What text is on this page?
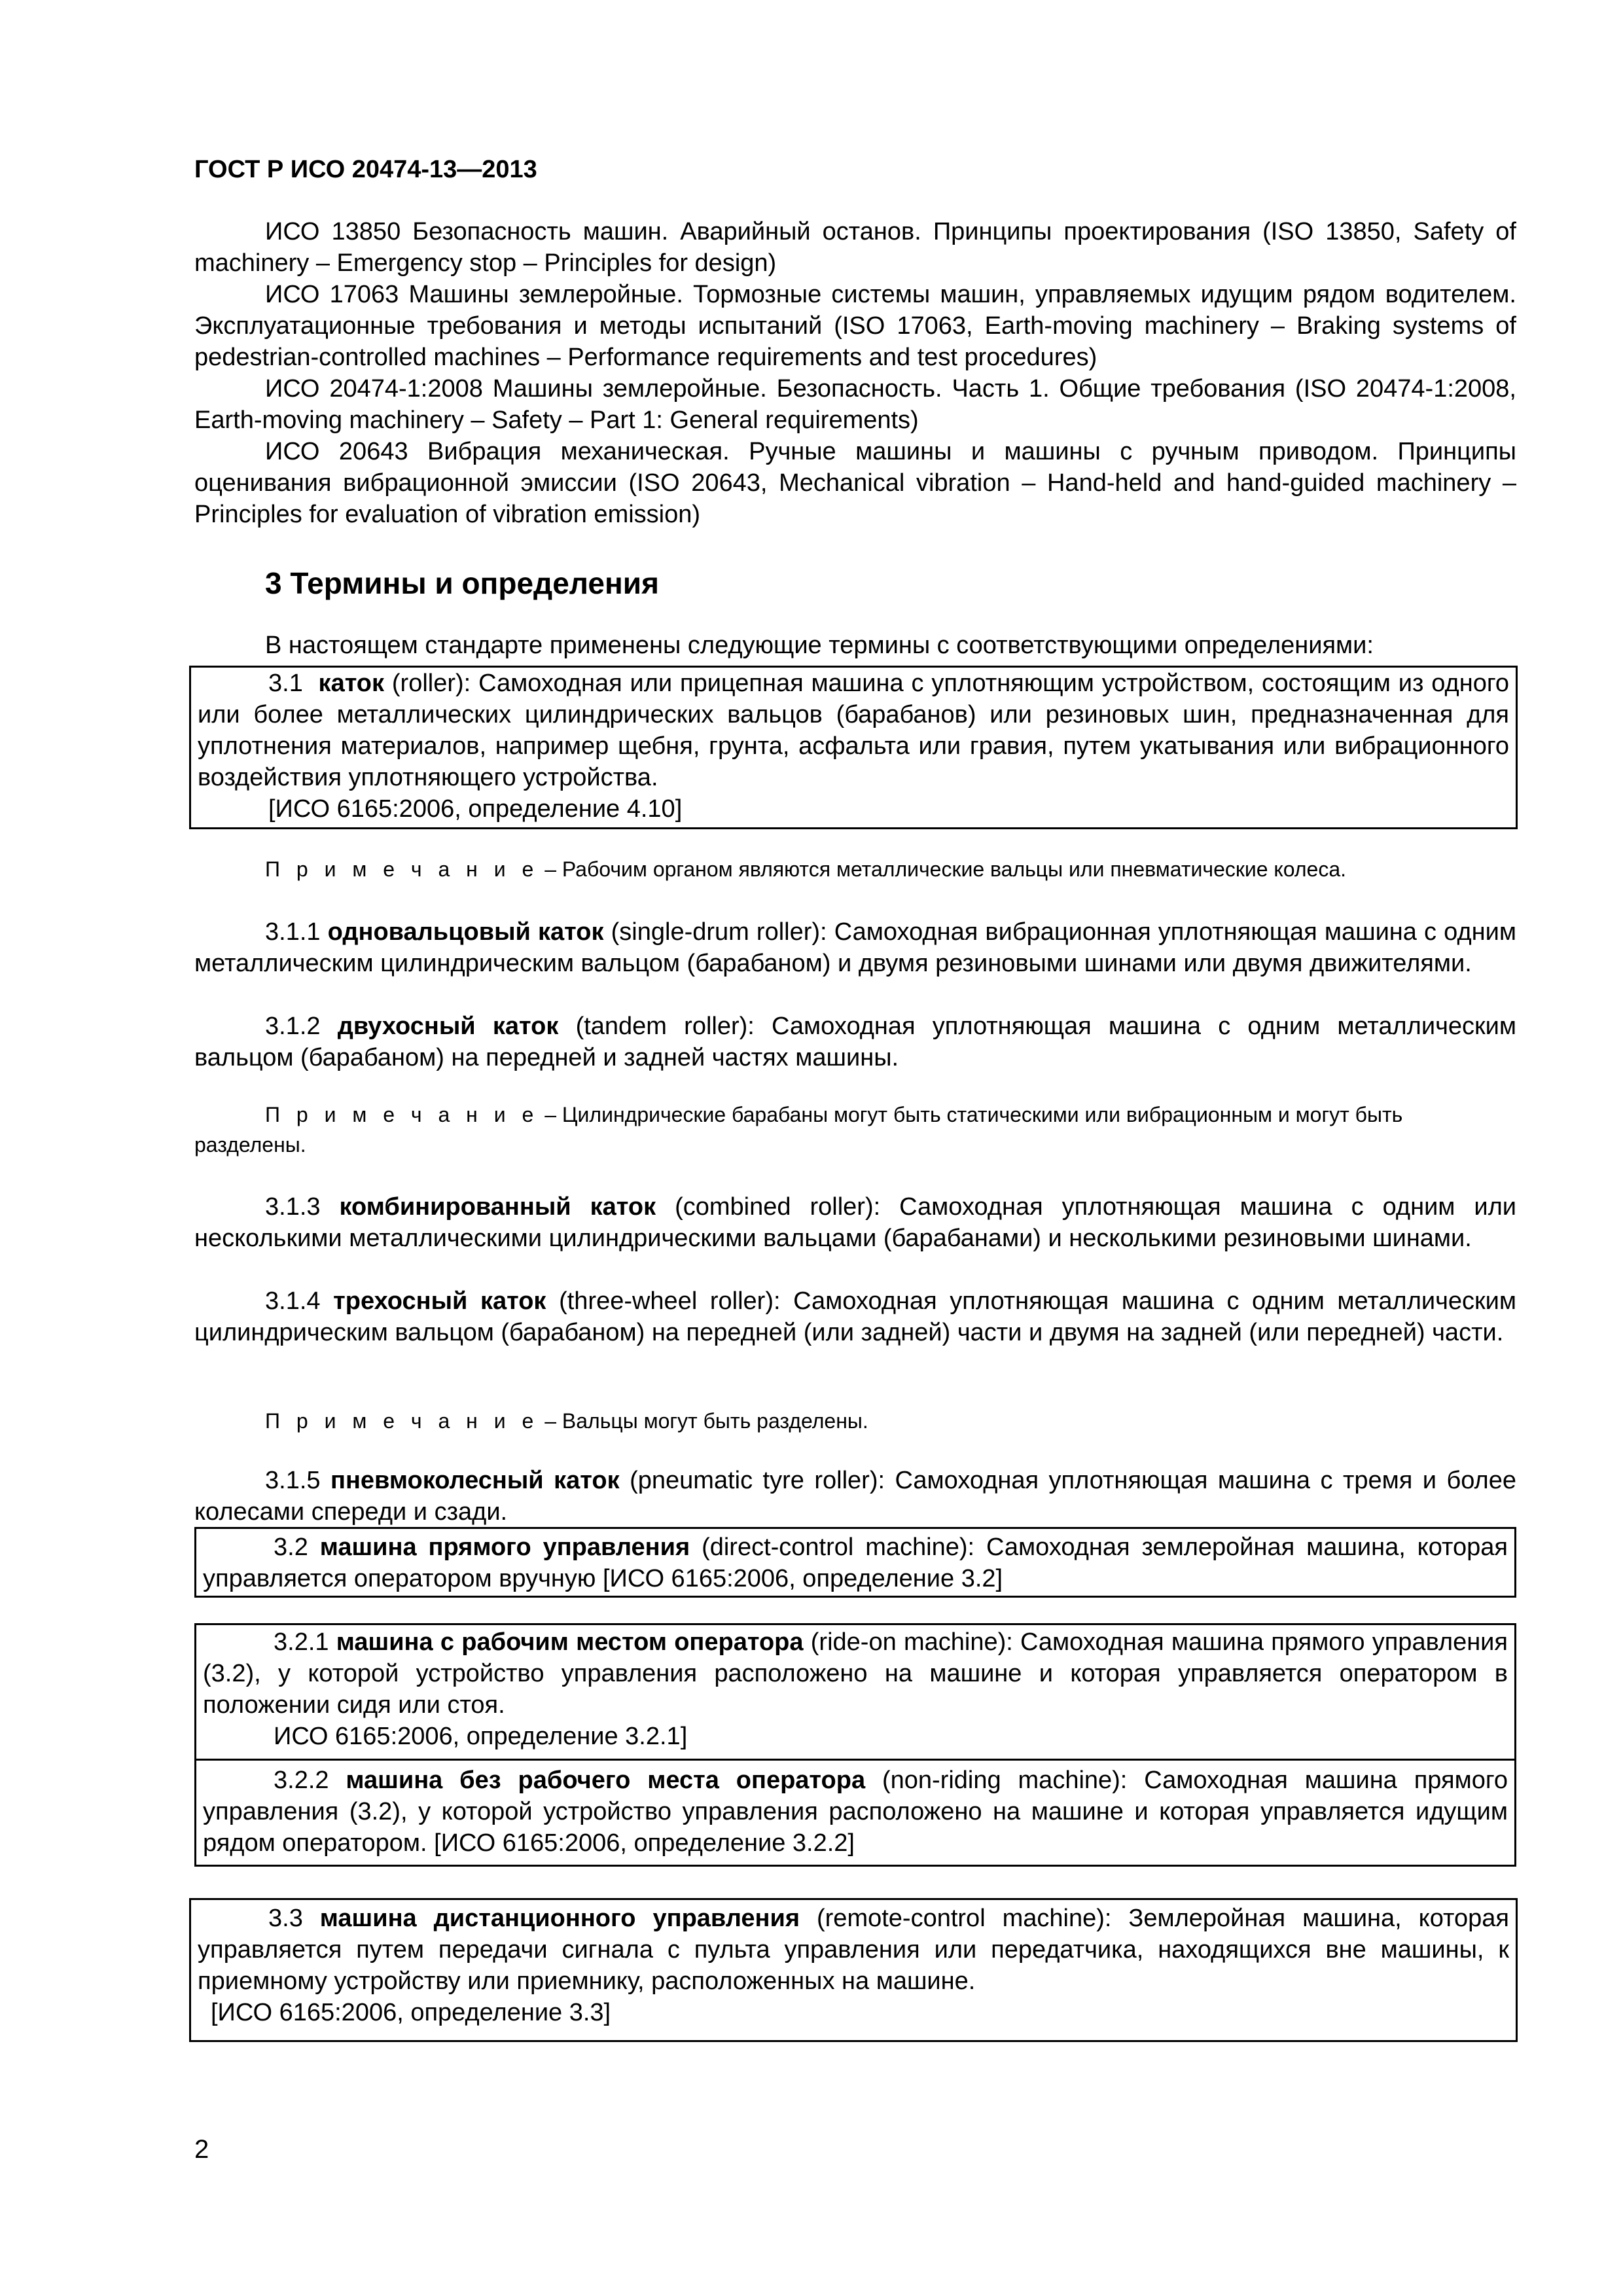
ГОСТ Р ИСО 20474-13—2013
ИСО 13850 Безопасность машин. Аварийный останов. Принципы проектирования (ISO 13850, Safety of machinery – Emergency stop – Principles for design)
ИСО 17063 Машины землеройные. Тормозные системы машин, управляемых идущим рядом водителем. Эксплуатационные требования и методы испытаний (ISO 17063, Earth-moving machinery – Braking systems of pedestrian-controlled machines – Performance requirements and test procedures)
ИСО 20474-1:2008 Машины землеройные. Безопасность. Часть 1. Общие требования (ISO 20474-1:2008, Earth-moving machinery – Safety – Part 1: General requirements)
ИСО 20643 Вибрация механическая. Ручные машины и машины с ручным приводом. Принципы оценивания вибрационной эмиссии (ISO 20643, Mechanical vibration – Hand-held and hand-guided machinery – Principles for evaluation of vibration emission)
3 Термины и определения
В настоящем стандарте применены следующие термины с соответствующими определениями:
3.1 каток (roller): Самоходная или прицепная машина с уплотняющим устройством, состоящим из одного или более металлических цилиндрических вальцов (барабанов) или резиновых шин, предназначенная для уплотнения материалов, например щебня, грунта, асфальта или гравия, путем укатывания или вибрационного воздействия уплотняющего устройства.
[ИСО 6165:2006, определение 4.10]
П р и м е ч а н и е – Рабочим органом являются металлические вальцы или пневматические колеса.
3.1.1 одновальцовый каток (single-drum roller): Самоходная вибрационная уплотняющая машина с одним металлическим цилиндрическим вальцом (барабаном) и двумя резиновыми шинами или двумя движителями.
3.1.2 двухосный каток (tandem roller): Самоходная уплотняющая машина с одним металлическим вальцом (барабаном) на передней и задней частях машины.
П р и м е ч а н и е – Цилиндрические барабаны могут быть статическими или вибрационным и могут быть разделены.
3.1.3 комбинированный каток (combined roller): Самоходная уплотняющая машина с одним или несколькими металлическими цилиндрическими вальцами (барабанами) и несколькими резиновыми шинами.
3.1.4 трехосный каток (three-wheel roller): Самоходная уплотняющая машина с одним металлическим цилиндрическим вальцом (барабаном) на передней (или задней) части и двумя на задней (или передней) части.
П р и м е ч а н и е – Вальцы могут быть разделены.
3.1.5 пневмоколесный каток (pneumatic tyre roller): Самоходная уплотняющая машина с тремя и более колесами спереди и сзади.
3.2 машина прямого управления (direct-control machine): Самоходная землеройная машина, которая управляется оператором вручную [ИСО 6165:2006, определение 3.2]
3.2.1 машина с рабочим местом оператора (ride-on machine): Самоходная машина прямого управления (3.2), у которой устройство управления расположено на машине и которая управляется оператором в положении сидя или стоя.
ИСО 6165:2006, определение 3.2.1]
3.2.2 машина без рабочего места оператора (non-riding machine): Самоходная машина прямого управления (3.2), у которой устройство управления расположено на машине и которая управляется идущим рядом оператором. [ИСО 6165:2006, определение 3.2.2]
3.3 машина дистанционного управления (remote-control machine): Землеройная машина, которая управляется путем передачи сигнала с пульта управления или передатчика, находящихся вне машины, к приемному устройству или приемнику, расположенных на машине.
[ИСО 6165:2006, определение 3.3]
2
